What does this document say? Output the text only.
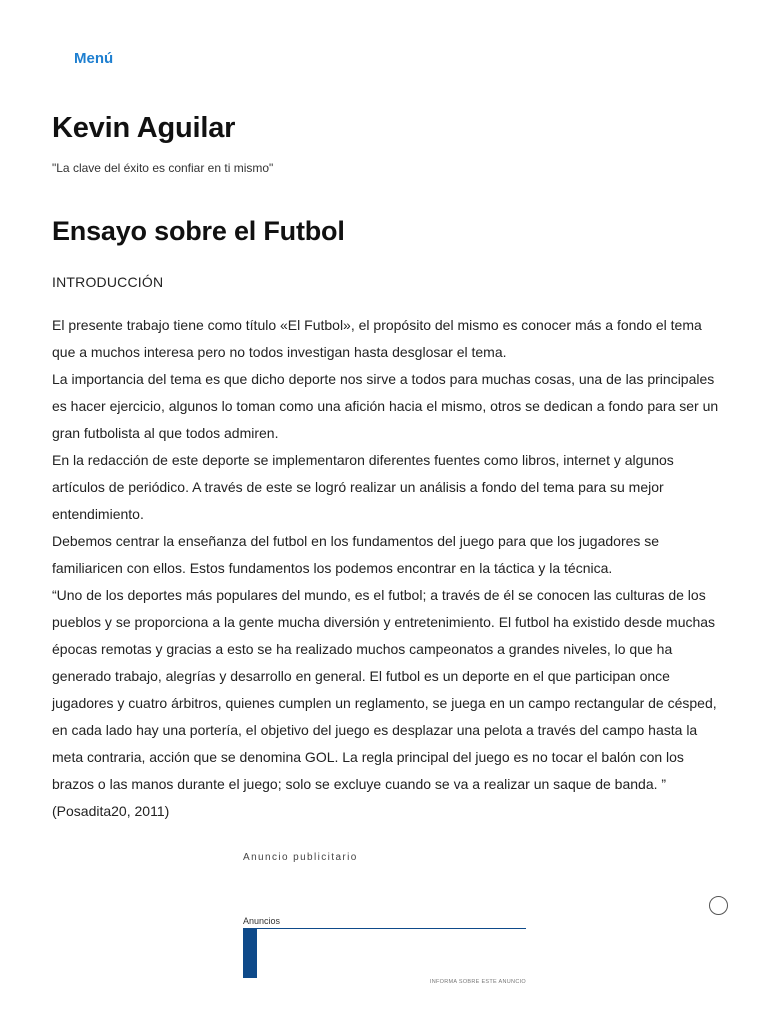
Menú
Kevin Aguilar

"La clave del éxito es confiar en ti mismo"

Ensayo sobre el Futbol
INTRODUCCIÓN

El presente trabajo tiene como título «El Futbol», el propósito del mismo es conocer más a fondo el tema que a muchos interesa pero no todos investigan hasta desglosar el tema.

La importancia del tema es que dicho deporte nos sirve a todos para muchas cosas, una de las principales es hacer ejercicio, algunos lo toman como una afición hacia el mismo, otros se dedican a fondo para ser un gran futbolista al que todos admiren.

En la redacción de este deporte se implementaron diferentes fuentes como libros, internet y algunos artículos de periódico. A través de este se logró realizar un análisis a fondo del tema para su mejor entendimiento.

Debemos centrar la enseñanza del futbol en los fundamentos del juego para que los jugadores se familiaricen con ellos. Estos fundamentos los podemos encontrar en la táctica y la técnica.

“Uno de los deportes más populares del mundo, es el futbol; a través de él se conocen las culturas de los pueblos y se proporciona a la gente mucha diversión y entretenimiento. El futbol ha existido desde muchas épocas remotas y gracias a esto se ha realizado muchos campeonatos a grandes niveles, lo que ha generado trabajo, alegrías y desarrollo en general. El futbol es un deporte en el que participan once jugadores y cuatro árbitros, quienes cumplen un reglamento, se juega en un campo rectangular de césped, en cada lado hay una portería, el objetivo del juego es desplazar una pelota a través del campo hasta la meta contraria, acción que se denomina GOL. La regla principal del juego es no tocar el balón con los brazos o las manos durante el juego; solo se excluye cuando se va a realizar un saque de banda. ” (Posadita20, 2011)

Anuncio publicitario
Anuncios
INFORMA SOBRE ESTE ANUNCIO
